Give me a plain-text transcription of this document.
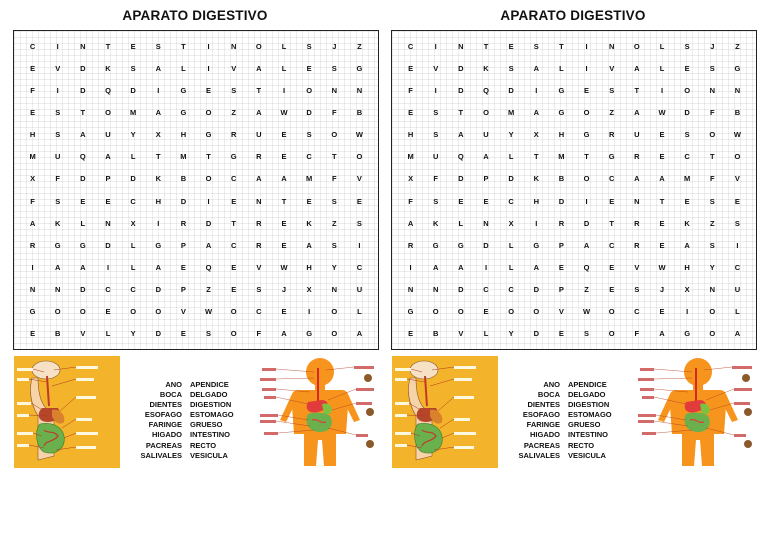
APARATO DIGESTIVO
C	I	N	T	E	S	T	I	N	O	L	S	J	Z
E	V	D	K	S	A	L	I	V	A	L	E	S	G
F	I	D	Q	D	I	G	E	S	T	I	O	N	N
E	S	T	O	M	A	G	O	Z	A	W	D	F	B
H	S	A	U	Y	X	H	G	R	U	E	S	O	W
M	U	Q	A	L	T	M	T	G	R	E	C	T	O
X	F	D	P	D	K	B	O	C	A	A	M	F	V
F	S	E	E	C	H	D	I	E	N	T	E	S	E
A	K	L	N	X	I	R	D	T	R	E	K	Z	S
R	G	G	D	L	G	P	A	C	R	E	A	S	I
I	A	A	I	L	A	E	Q	E	V	W	H	Y	C
N	N	D	C	C	D	P	Z	E	S	J	X	N	U
G	O	O	E	O	O	V	W	O	C	E	I	O	L
E	B	V	L	Y	D	E	S	O	F	A	G	O	A
ANO
BOCA
DIENTES
ESOFAGO
FARINGE
HIGADO
PACREAS
SALIVALES
APENDICE
DELGADO
DIGESTION
ESTOMAGO
GRUESO
INTESTINO
RECTO
VESICULA
APARATO DIGESTIVO
C	I	N	T	E	S	T	I	N	O	L	S	J	Z
E	V	D	K	S	A	L	I	V	A	L	E	S	G
F	I	D	Q	D	I	G	E	S	T	I	O	N	N
E	S	T	O	M	A	G	O	Z	A	W	D	F	B
H	S	A	U	Y	X	H	G	R	U	E	S	O	W
M	U	Q	A	L	T	M	T	G	R	E	C	T	O
X	F	D	P	D	K	B	O	C	A	A	M	F	V
F	S	E	E	C	H	D	I	E	N	T	E	S	E
A	K	L	N	X	I	R	D	T	R	E	K	Z	S
R	G	G	D	L	G	P	A	C	R	E	A	S	I
I	A	A	I	L	A	E	Q	E	V	W	H	Y	C
N	N	D	C	C	D	P	Z	E	S	J	X	N	U
G	O	O	E	O	O	V	W	O	C	E	I	O	L
E	B	V	L	Y	D	E	S	O	F	A	G	O	A
ANO
BOCA
DIENTES
ESOFAGO
FARINGE
HIGADO
PACREAS
SALIVALES
APENDICE
DELGADO
DIGESTION
ESTOMAGO
GRUESO
INTESTINO
RECTO
VESICULA
